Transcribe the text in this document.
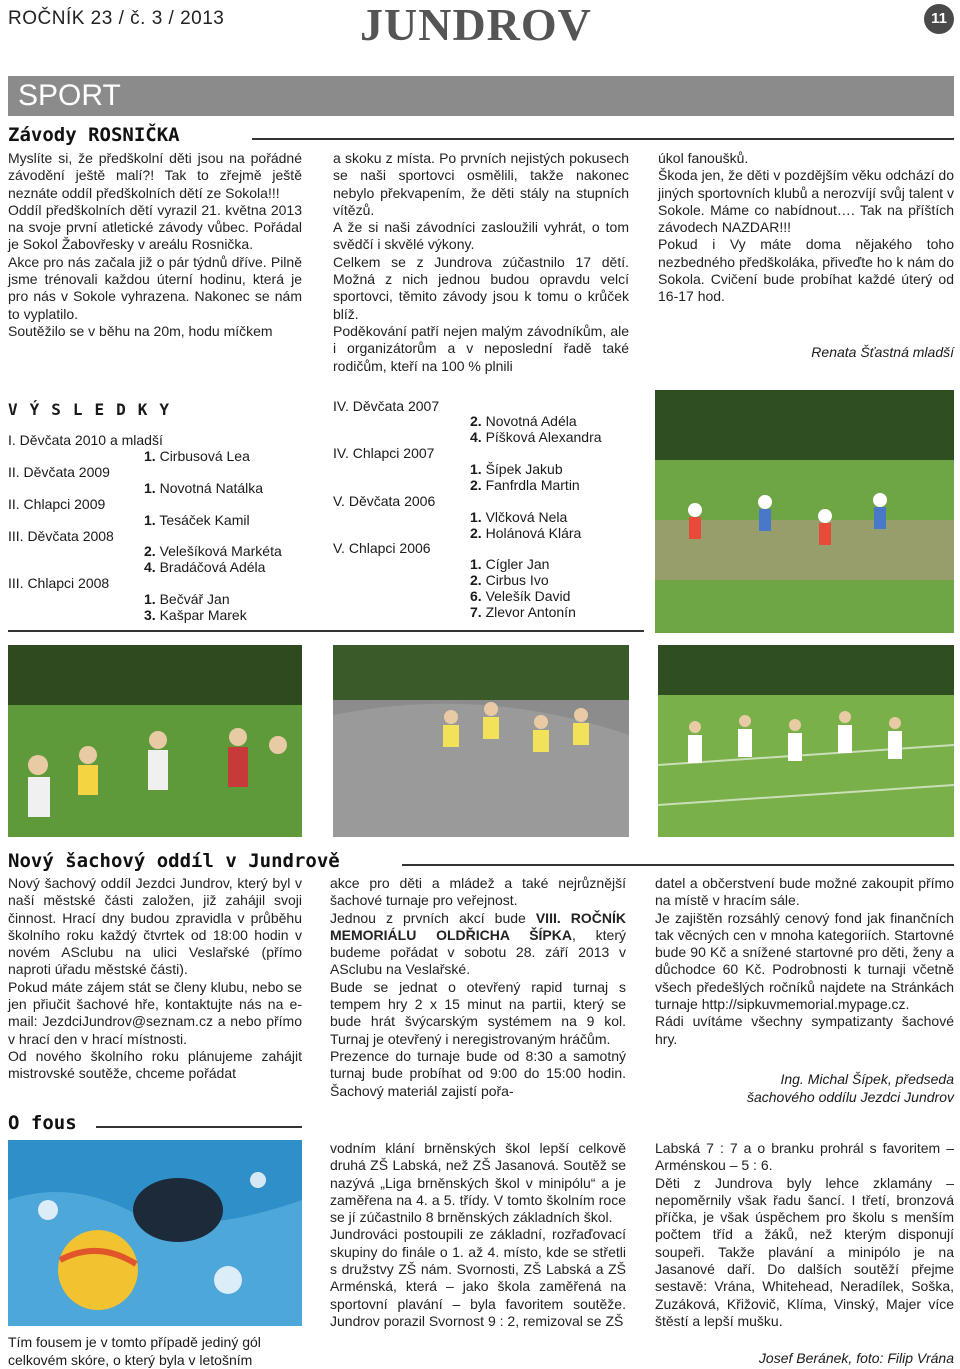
ROČNÍK 23 / č. 3 / 2013	JUNDROV	11
SPORT
Závody ROSNIČKA
Myslíte si, že předškolní děti jsou na pořádné závodění ještě malí?! Tak to zřejmě ještě neznáte oddíl předškolních dětí ze Sokola!!!
Oddíl předškolních dětí vyrazil 21. května 2013 na svoje první atletické závody vůbec. Pořádal je Sokol Žabovřesky v areálu Rosnička.
Akce pro nás začala již o pár týdnů dříve. Pilně jsme trénovali každou úterní hodinu, která je pro nás v Sokole vyhrazena. Nakonec se nám to vyplatilo.
Soutěžilo se v běhu na 20m, hodu míčkem
a skoku z místa. Po prvních nejistých pokusech se naši sportovci osmělili, takže nakonec nebylo překvapením, že děti stály na stupních vítězů.
A že si naši závodníci zasloužili vyhrát, o tom svědčí i skvělé výkony.
Celkem se z Jundrova zúčastnilo 17 dětí. Možná z nich jednou budou opravdu velcí sportovci, těmito závody jsou k tomu o krůček blíž.
Poděkování patří nejen malým závodníkům, ale i organizátorům a v neposlední řadě také rodičům, kteří na 100 % plnili
úkol fanoušků.
Škoda jen, že děti v pozdějším věku odchází do jiných sportovních klubů a nerozvíjí svůj talent v Sokole. Máme co nabídnout…. Tak na příštích závodech NAZDAR!!!
Pokud i Vy máte doma nějakého toho nezbedného předškoláka, přiveďte ho k nám do Sokola. Cvičení bude probíhat každé úterý od 16-17 hod.
Renata Šťastná mladší
VÝSLEDKY
I. Děvčata 2010 a mladší
1. Cirbusová Lea
II. Děvčata 2009
1. Novotná Natálka
II. Chlapci 2009
1. Tesáček Kamil
III. Děvčata 2008
2. Velešíková Markéta
4. Bradáčová Adéla
III. Chlapci 2008
1. Bečvář Jan
3. Kašpar Marek
IV. Děvčata 2007
2. Novotná Adéla
4. Píšková Alexandra
IV. Chlapci 2007
1. Šípek Jakub
2. Fanfrdla Martin
V. Děvčata 2006
1. Vlčková Nela
2. Holánová Klára
V. Chlapci 2006
1. Cígler Jan
2. Cirbus Ivo
6. Velešík David
7. Zlevor Antonín
Nový šachový oddíl v Jundrově
Nový šachový oddíl Jezdci Jundrov, který byl v naší městské části založen, již zahájil svoji činnost. Hrací dny budou zpravidla v průběhu školního roku každý čtvrtek od 18:00 hodin v novém ASclubu na ulici Veslařské (přímo naproti úřadu městské části).
Pokud máte zájem stát se členy klubu, nebo se jen přiučit šachové hře, kontaktujte nás na e-mail: JezdciJundrov@seznam.cz a nebo přímo v hrací den v hrací místnosti.
Od nového školního roku plánujeme zahájit mistrovské soutěže, chceme pořádat
akce pro děti a mládež a také nejrůznější šachové turnaje pro veřejnost.
Jednou z prvních akcí bude VIII. ROČNÍK MEMORIÁLU OLDŘICHA ŠÍPKA, který budeme pořádat v sobotu 28. září 2013 v ASclubu na Veslařské.
Bude se jednat o otevřený rapid turnaj s tempem hry 2 x 15 minut na partii, který se bude hrát švýcarským systémem na 9 kol. Turnaj je otevřený i neregistrovaným hráčům.
Prezence do turnaje bude od 8:30 a samotný turnaj bude probíhat od 9:00 do 15:00 hodin. Šachový materiál zajistí pořa-
datel a občerstvení bude možné zakoupit přímo na místě v hracím sále.
Je zajištěn rozsáhlý cenový fond jak finančních tak věcných cen v mnoha kategoriích. Startovné bude 90 Kč a snížené startovné pro děti, ženy a důchodce 60 Kč. Podrobnosti k turnaji včetně všech předešlých ročníků najdete na Stránkách turnaje http://sipkuvmemorial.mypage.cz.
Rádi uvítáme všechny sympatizanty šachové hry.
Ing. Michal Šípek, předseda
šachového oddílu Jezdci Jundrov
O fous
Tím fousem je v tomto případě jediný gól celkovém skóre, o který byla v letošním
vodním klání brněnských škol lepší celkově druhá ZŠ Labská, než ZŠ Jasanová. Soutěž se nazývá „Liga brněnských škol v minipólu“ a je zaměřena na 4. a 5. třídy. V tomto školním roce se jí zúčastnilo 8 brněnských základních škol.
Jundrováci postoupili ze základní, rozřaďovací skupiny do finále o 1. až 4. místo, kde se střetli s družstvy ZŠ nám. Svornosti, ZŠ Labská a ZŠ Arménská, která – jako škola zaměřená na sportovní plavání – byla favoritem soutěže. Jundrov porazil Svornost 9 : 2, remizoval se ZŠ
Labská 7 : 7 a o branku prohrál s favoritem – Arménskou – 5 : 6.
Děti z Jundrova byly lehce zklamány – nepoměrnily však řadu šancí. I třetí, bronzová příčka, je však úspěchem pro školu s menším počtem tříd a žáků, než kterým disponují soupeři. Takže plavání a minipólo je na Jasanové daří. Do dalších soutěží přejme sestavě: Vrána, Whitehead, Neradílek, Soška, Zuzáková, Křižovič, Klíma, Vinský, Majer více štěstí a lepší mušku.
Josef Beránek, foto: Filip Vrána
